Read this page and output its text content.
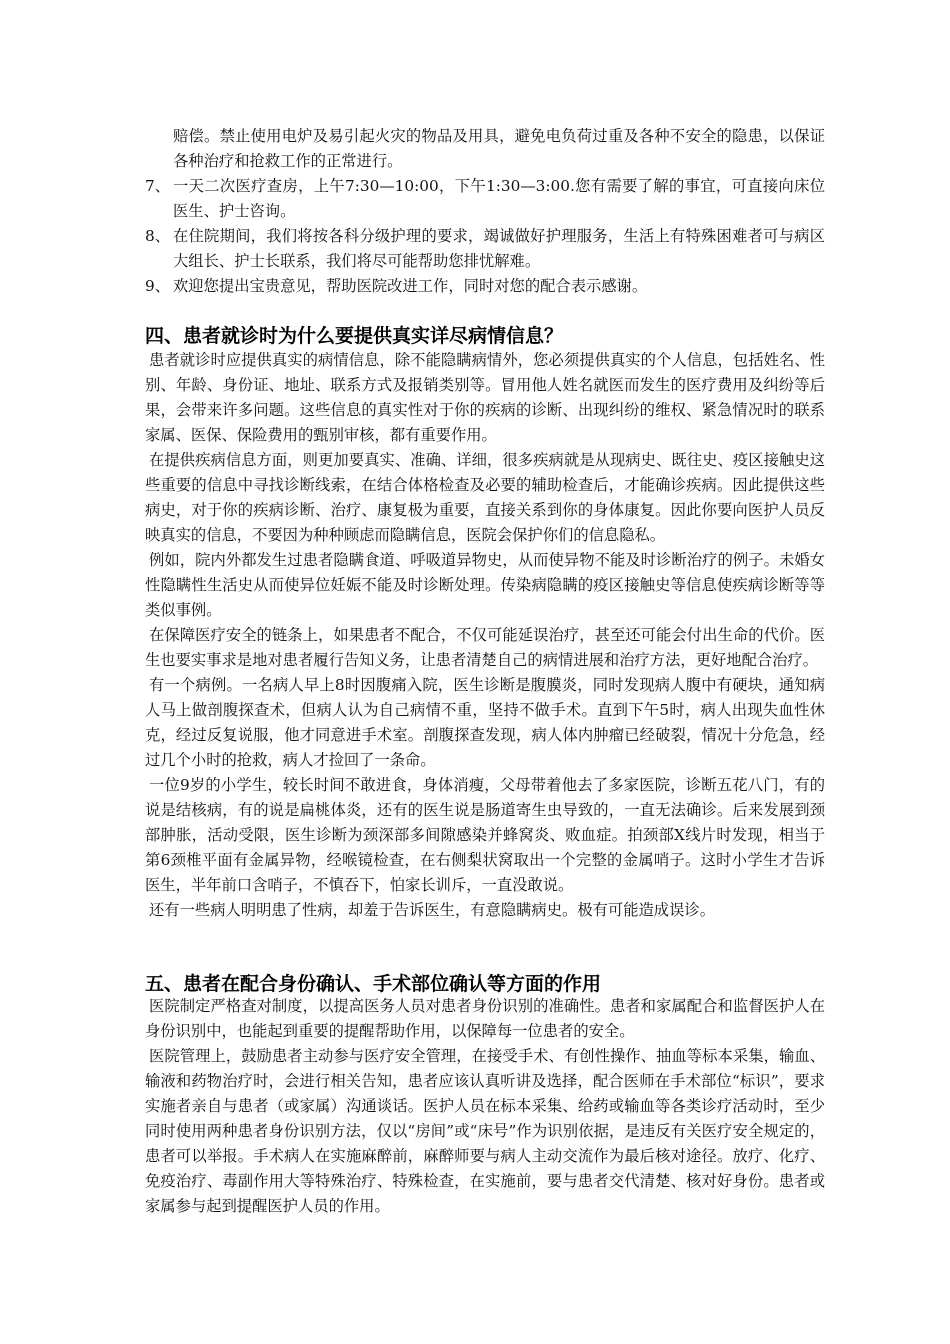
赔偿。禁止使用电炉及易引起火灾的物品及用具，避免电负荷过重及各种不安全的隐患，以保证各种治疗和抢救工作的正常进行。

7、 一天二次医疗查房，上午7:30—10:00，下午1:30—3:00.您有需要了解的事宜，可直接向床位医生、护士咨询。
8、 在住院期间，我们将按各科分级护理的要求，竭诚做好护理服务，生活上有特殊困难者可与病区大组长、护士长联系，我们将尽可能帮助您排忧解难。
9、 欢迎您提出宝贵意见，帮助医院改进工作，同时对您的配合表示感谢。
四、患者就诊时为什么要提供真实详尽病情信息？

患者就诊时应提供真实的病情信息，除不能隐瞒病情外，您必须提供真实的个人信息，包括姓名、性别、年龄、身份证、地址、联系方式及报销类别等。冒用他人姓名就医而发生的医疗费用及纠纷等后果，会带来许多问题。这些信息的真实性对于你的疾病的诊断、出现纠纷的维权、紧急情况时的联系家属、医保、保险费用的甄别审核，都有重要作用。

在提供疾病信息方面，则更加要真实、准确、详细，很多疾病就是从现病史、既往史、疫区接触史这些重要的信息中寻找诊断线索，在结合体格检查及必要的辅助检查后，才能确诊疾病。因此提供这些病史，对于你的疾病诊断、治疗、康复极为重要，直接关系到你的身体康复。因此你要向医护人员反映真实的信息，不要因为种种顾虑而隐瞒信息，医院会保护你们的信息隐私。

例如，院内外都发生过患者隐瞒食道、呼吸道异物史，从而使异物不能及时诊断治疗的例子。未婚女性隐瞒性生活史从而使异位妊娠不能及时诊断处理。传染病隐瞒的疫区接触史等信息使疾病诊断等等类似事例。

在保障医疗安全的链条上，如果患者不配合，不仅可能延误治疗，甚至还可能会付出生命的代价。医生也要实事求是地对患者履行告知义务，让患者清楚自己的病情进展和治疗方法，更好地配合治疗。

有一个病例。一名病人早上8时因腹痛入院，医生诊断是腹膜炎，同时发现病人腹中有硬块，通知病人马上做剖腹探查术，但病人认为自己病情不重，坚持不做手术。直到下午5时，病人出现失血性休克，经过反复说服，他才同意进手术室。剖腹探查发现，病人体内肿瘤已经破裂，情况十分危急，经过几个小时的抢救，病人才捡回了一条命。

一位9岁的小学生，较长时间不敢进食，身体消瘦，父母带着他去了多家医院，诊断五花八门，有的说是结核病，有的说是扁桃体炎，还有的医生说是肠道寄生虫导致的，一直无法确诊。后来发展到颈部肿胀，活动受限，医生诊断为颈深部多间隙感染并蜂窝炎、败血症。拍颈部X线片时发现，相当于第6颈椎平面有金属异物，经喉镜检查，在右侧梨状窝取出一个完整的金属哨子。这时小学生才告诉医生，半年前口含哨子，不慎吞下，怕家长训斥，一直没敢说。

还有一些病人明明患了性病，却羞于告诉医生，有意隐瞒病史。极有可能造成误诊。

五、患者在配合身份确认、手术部位确认等方面的作用

医院制定严格查对制度，以提高医务人员对患者身份识别的准确性。患者和家属配合和监督医护人在身份识别中，也能起到重要的提醒帮助作用，以保障每一位患者的安全。

医院管理上，鼓励患者主动参与医疗安全管理，在接受手术、有创性操作、抽血等标本采集，输血、输液和药物治疗时，会进行相关告知，患者应该认真听讲及选择，配合医师在手术部位“标识”，要求实施者亲自与患者（或家属）沟通谈话。医护人员在标本采集、给药或输血等各类诊疗活动时，至少同时使用两种患者身份识别方法，仅以“房间”或“床号”作为识别依据，是违反有关医疗安全规定的，患者可以举报。手术病人在实施麻醉前，麻醉师要与病人主动交流作为最后核对途径。放疗、化疗、免疫治疗、毒副作用大等特殊治疗、特殊检查，在实施前，要与患者交代清楚、核对好身份。患者或家属参与起到提醒医护人员的作用。
